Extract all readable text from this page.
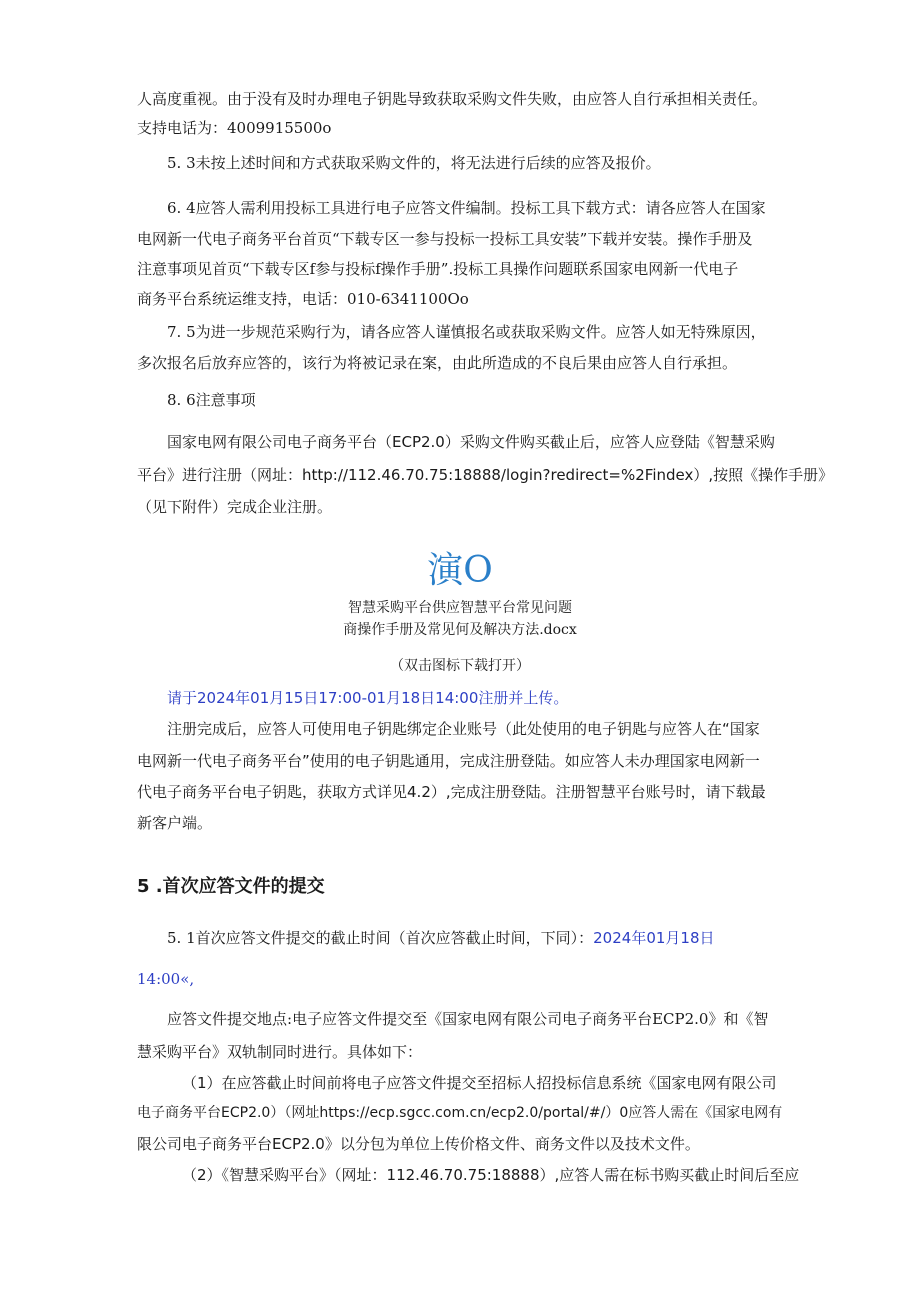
人高度重视。由于没有及时办理电子钥匙导致获取采购文件失败，由应答人自行承担相关责任。
支持电话为：4009915500o
5. 3未按上述时间和方式获取采购文件的，将无法进行后续的应答及报价。
6. 4应答人需利用投标工具进行电子应答文件编制。投标工具下载方式：请各应答人在国家
电网新一代电子商务平台首页“下载专区一参与投标一投标工具安装”下载并安装。操作手册及
注意事项见首页“下载专区f参与投标f操作手册”.投标工具操作问题联系国家电网新一代电子
商务平台系统运维支持，电话：010-6341100Oo
7. 5为进一步规范采购行为，请各应答人谨慎报名或获取采购文件。应答人如无特殊原因，
多次报名后放弃应答的，该行为将被记录在案，由此所造成的不良后果由应答人自行承担。
8. 6注意事项
国家电网有限公司电子商务平台（ECP2.0）采购文件购买截止后，应答人应登陆《智慧采购
平台》进行注册（网址：http://112.46.70.75:18888/login?redirect=%2Findex）,按照《操作手册》
（见下附件）完成企业注册。
演O
智慧采购平台供应智慧平台常见问题
商操作手册及常见何及解决方法.docx
（双击图标下载打开）
请于2024年01月15日17:00-01月18日14:00注册并上传。
注册完成后，应答人可使用电子钥匙绑定企业账号（此处使用的电子钥匙与应答人在“国家
电网新一代电子商务平台”使用的电子钥匙通用，完成注册登陆。如应答人未办理国家电网新一
代电子商务平台电子钥匙，获取方式详见4.2）,完成注册登陆。注册智慧平台账号时，请下载最
新客户端。
5 .首次应答文件的提交
5. 1首次应答文件提交的截止时间（首次应答截止时间，下同）：2024年01月18日
14:00«,
应答文件提交地点:电子应答文件提交至《国家电网有限公司电子商务平台ECP2.0》和《智
慧采购平台》双轨制同时进行。具体如下：
（1）在应答截止时间前将电子应答文件提交至招标人招投标信息系统《国家电网有限公司
电子商务平台ECP2.0）（网址https://ecp.sgcc.com.cn/ecp2.0/portal/#/）0应答人需在《国家电网有
限公司电子商务平台ECP2.0》以分包为单位上传价格文件、商务文件以及技术文件。
（2）《智慧采购平台》（网址：112.46.70.75:18888）,应答人需在标书购买截止时间后至应
